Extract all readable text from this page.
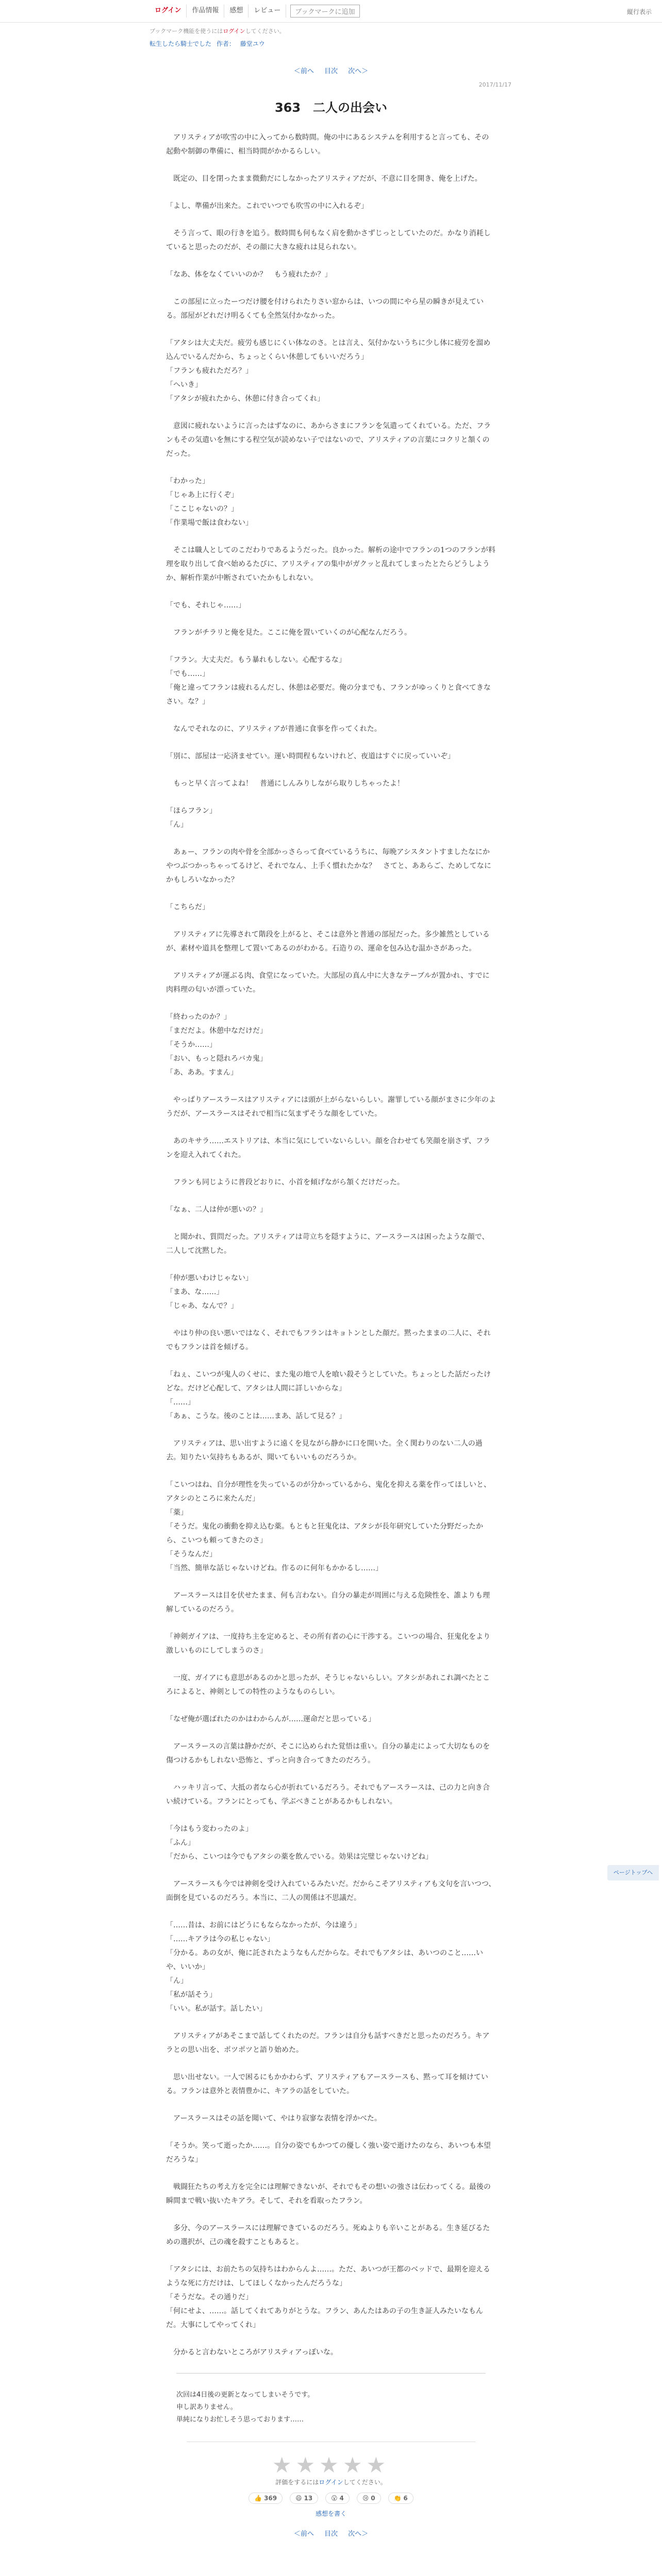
ログイン	作品情報	感想	レビュー	ブックマークに追加	縦行表示
ブックマーク機能を使うにはログインしてください。
転生したら騎士でした 作者： 藤堂ユウ
＜前へ 目次 次へ＞
2017/11/17
363　二人の出会い

　アリスティアが吹雪の中に入ってから数時間。俺の中にあるシステムを利用すると言っても、その起動や制御の準備に、相当時間がかかるらしい。

　既定の、目を閉ったまま微動だにしなかったアリスティアだが、不意に目を開き、俺を上げた。

「よし、準備が出来た。これでいつでも吹雪の中に入れるぞ」

　そう言って、眼の行きを追う。数時間も何もなく肩を動かさずじっとしていたのだ。かなり消耗していると思ったのだが、その顔に大きな疲れは見られない。

「なあ、体をなくていいのか？　もう疲れたか？」

　この部屋に立ったーつだけ腰を付けられたりさい窓からは、いつの間にやら星の瞬きが見えている。部屋がどれだけ明るくても全然気付かなかった。

「アタシは大丈夫だ。疲労も感じにくい体なのさ。とは言え、気付かないうちに少し体に疲労を溜め込んでいるんだから、ちょっとくらい休憩してもいいだろう」
「フランも疲れただろ？」
「へいき」
「アタシが疲れたから、休憩に付き合ってくれ」

　意図に疲れないように言ったはずなのに、あからさまにフランを気遣ってくれている。ただ、フランもその気遣いを無にする程空気が読めない子ではないので、アリスティアの言葉にコクリと頷くのだった。

「わかった」
「じゃあ上に行くぞ」
「ここじゃないの？」
「作業場で飯は食わない」

　そこは職人としてのこだわりであるようだった。良かった。解析の途中でフランの1つのフランが料理を取り出して食べ始めるたびに、アリスティアの集中がガクッと乱れてしまったとたらどうしようか、解析作業が中断されていたかもしれない。

「でも、それじゃ……」

　フランがチラリと俺を見た。ここに俺を置いていくのが心配なんだろう。

「フラン。大丈夫だ。もう暴れもしない。心配するな」
「でも……」
「俺と違ってフランは疲れるんだし、休憩は必要だ。俺の分までも、フランがゆっくりと食べてきなさい。な？」

　なんでそれなのに、アリスティアが普通に食事を作ってくれた。

「別に、部屋は一応済ませてい。運い時間程もないけれど、夜道はすぐに戻っていいぞ」

　もっと早く言ってよね！　普通にしんみりしながら取りしちゃったよ！

「ほらフラン」
「ん」

　あぁー、フランの肉や骨を全部かっさらって食べているうちに、毎晩アシスタントすましたなにかやつぶつかっちゃってるけど、それでなん、上手く慣れたかな？　さてと、ああらご、ためしてなにかもしろいなかった？

「こちらだ」

　アリスティアに先導されて階段を上がると、そこは意外と普通の部屋だった。多少雑然としているが、素材や道具を整理して置いてあるのがわかる。石造りの、運命を包み込む温かさがあった。

　アリスティアが運ぶる肉、食堂になっていた。大部屋の真ん中に大きなテーブルが置かれ、すでに肉料理の匂いが漂っていた。

「終わったのか？」
「まだだよ。休憩中なだけだ」
「そうか……」
「おい、もっと隠れろバカ鬼」
「あ、ああ。すまん」

　やっぱりアースラースはアリスティアには頭が上がらないらしい。謝罪している顔がまさに少年のようだが、アースラースはそれで相当に気まずそうな顔をしていた。

　あのキサラ……エストリアは、本当に気にしていないらしい。顔を合わせても笑顔を崩さず、フランを迎え入れてくれた。

　フランも同じように普段どおりに、小首を傾げながら頷くだけだった。

「なぁ、二人は仲が悪いの？」

　と聞かれ、質問だった。アリスティアは苛立ちを隠すように、アースラースは困ったような顔で、二人して沈黙した。

「仲が悪いわけじゃない」
「まあ、な……」
「じゃあ、なんで？」

　やはり仲の良い悪いではなく、それでもフランはキョトンとした顔だ。黙ったままの二人に、それでもフランは首を傾げる。

「ねぇ、こいつが鬼人のくせに、また鬼の地で人を喰い殺そうとしていた。ちょっとした話だったけどな。だけど心配して、アタシは人間に詳しいからな」
「……」
「あぁ、こうな。後のことは……まあ、話して見る？」

　アリスティアは、思い出すように遠くを見ながら静かに口を開いた。全く関わりのない二人の過去。知りたい気持ちもあるが、聞いてもいいものだろうか。

「こいつはね、自分が理性を失っているのが分かっているから、鬼化を抑える薬を作ってほしいと、アタシのところに来たんだ」
「薬」
「そうだ。鬼化の衝動を抑え込む薬。もともと狂鬼化は、アタシが長年研究していた分野だったから、こいつも頼ってきたのさ」
「そうなんだ」
「当然、簡単な話じゃないけどね。作るのに何年もかかるし……」

　アースラースは目を伏せたまま、何も言わない。自分の暴走が周囲に与える危険性を、誰よりも理解しているのだろう。

「神剣ガイアは、一度持ち主を定めると、その所有者の心に干渉する。こいつの場合、狂鬼化をより激しいものにしてしまうのさ」

　一度、ガイアにも意思があるのかと思ったが、そうじゃないらしい。アタシがあれこれ調べたところによると、神剣としての特性のようなものらしい。

「なぜ俺が選ばれたのかはわからんが……運命だと思っている」

　アースラースの言葉は静かだが、そこに込められた覚悟は重い。自分の暴走によって大切なものを傷つけるかもしれない恐怖と、ずっと向き合ってきたのだろう。

　ハッキリ言って、大抵の者なら心が折れているだろう。それでもアースラースは、己の力と向き合い続けている。フランにとっても、学ぶべきことがあるかもしれない。

「今はもう変わったのよ」
「ふん」
「だから、こいつは今でもアタシの薬を飲んでいる。効果は完璧じゃないけどね」

　アースラースも今では神剣を受け入れているみたいだ。だからこそアリスティアも文句を言いつつ、面倒を見ているのだろう。本当に、二人の関係は不思議だ。

「……昔は、お前にはどうにもならなかったが、今は違う」
「……キアラは今の私じゃない」
「分かる。あの女が、俺に託されたようなもんだからな。それでもアタシは、あいつのこと……いや、いいか」
「ん」
「私が話そう」
「いい。私が話す。話したい」

　アリスティアがあそこまで話してくれたのだ。フランは自分も話すべきだと思ったのだろう。キアラとの思い出を、ポツポツと語り始めた。

　思い出せない。一人で困るにもかかわらず、アリスティアもアースラースも、黙って耳を傾けている。フランは意外と表情豊かに、キアラの話をしていた。

　アースラースはその話を聞いて、やはり寂寥な表情を浮かべた。

「そうか。笑って逝ったか……。自分の姿でもかつての優しく強い姿で逝けたのなら、あいつも本望だろうな」

　戦闘狂たちの考え方を完全には理解できないが、それでもその想いの強さは伝わってくる。最後の瞬間まで戦い抜いたキアラ。そして、それを看取ったフラン。

　多分、今のアースラースには理解できているのだろう。死ぬよりも辛いことがある。生き延びるための選択が、己の魂を殺すこともあると。

「アタシには、お前たちの気持ちはわからんよ……。ただ、あいつが王都のベッドで、最期を迎えるような死に方だけは、してほしくなかったんだろうな」
「そうだな。その通りだ」
「何にせよ、……。話してくれてありがとうな。フラン、あんたはあの子の生き証人みたいなもんだ。大事にしてやってくれ」

　分かると言わないところがアリスティアっぽいな。

次回は4日後の更新となってしまいそうです。
申し訳ありません。
単純になりお忙しそう思っております……
★★★★★
評価をするにはログインしてください。
👍 369	😄 13	😮 4	😢 0	👏 6
感想を書く
＜前へ 目次 次へ＞
ページトップへ
